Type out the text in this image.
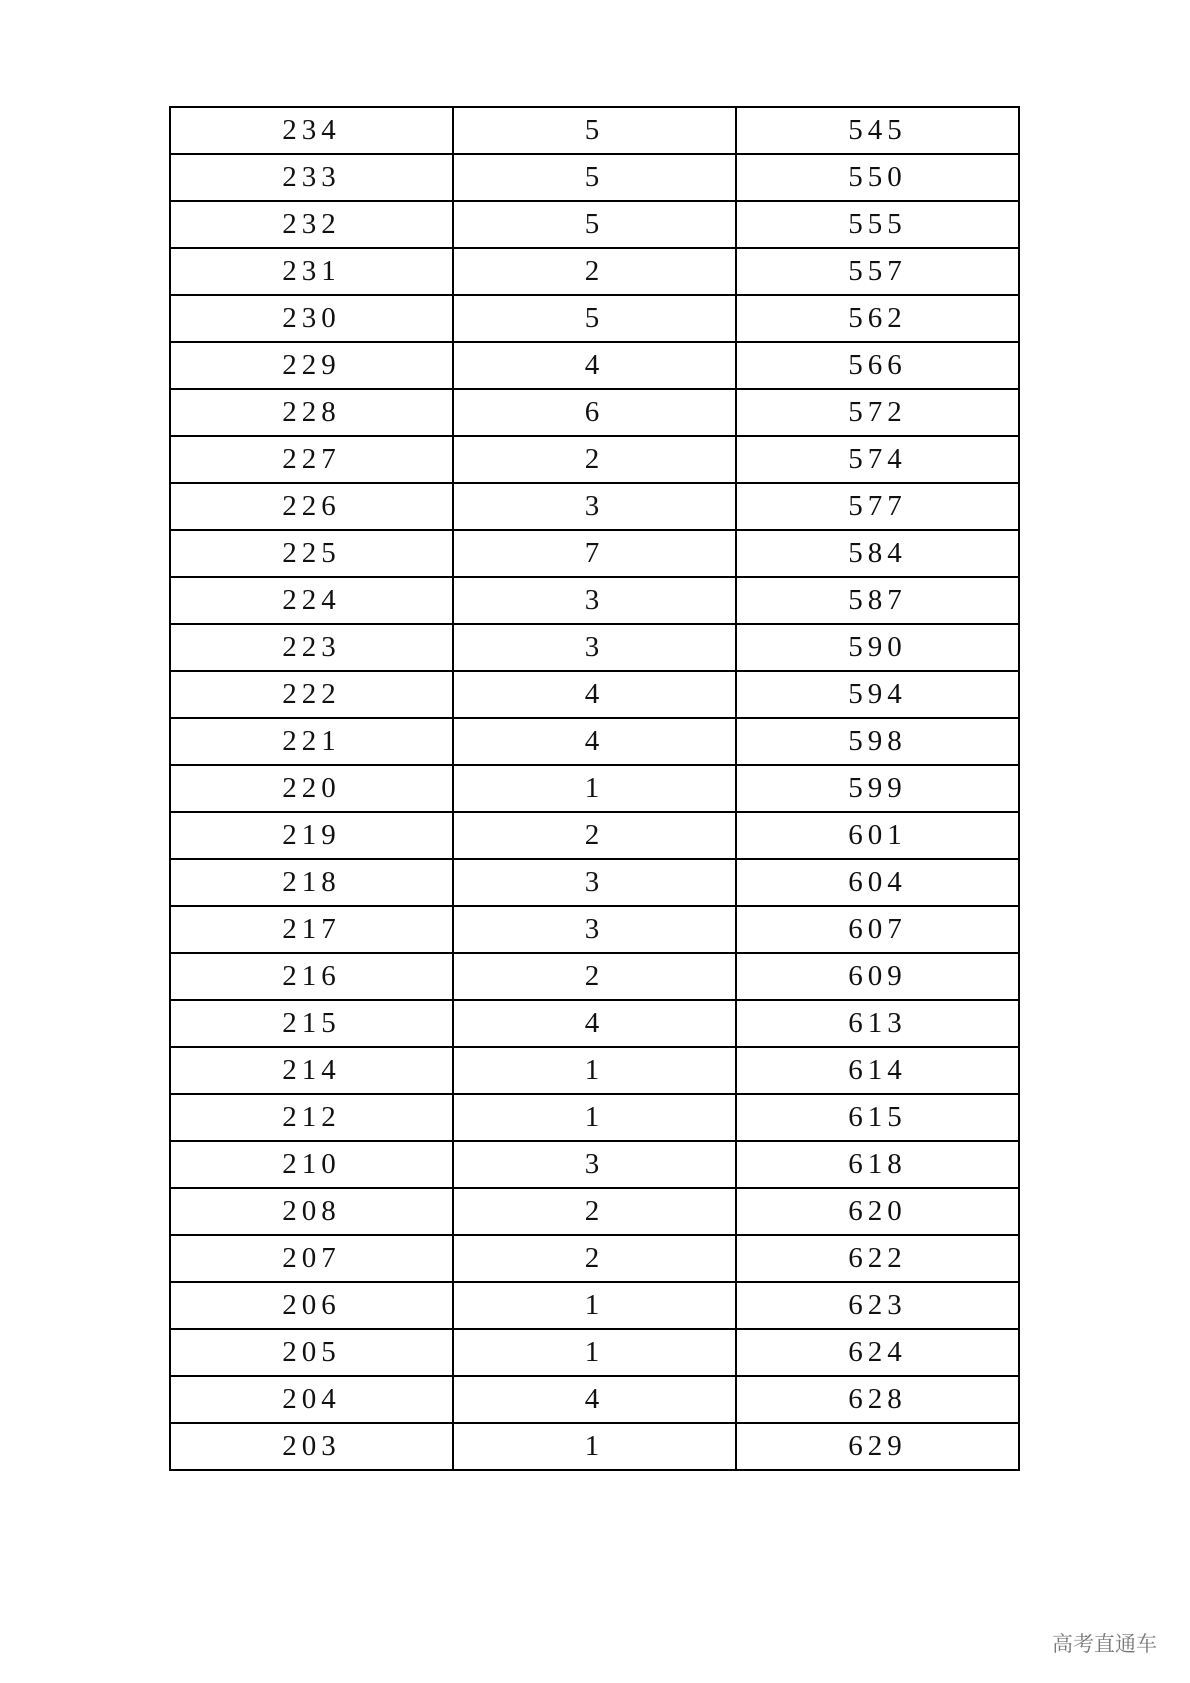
234	5	545
233	5	550
232	5	555
231	2	557
230	5	562
229	4	566
228	6	572
227	2	574
226	3	577
225	7	584
224	3	587
223	3	590
222	4	594
221	4	598
220	1	599
219	2	601
218	3	604
217	3	607
216	2	609
215	4	613
214	1	614
212	1	615
210	3	618
208	2	620
207	2	622
206	1	623
205	1	624
204	4	628
203	1	629
高考直通车
